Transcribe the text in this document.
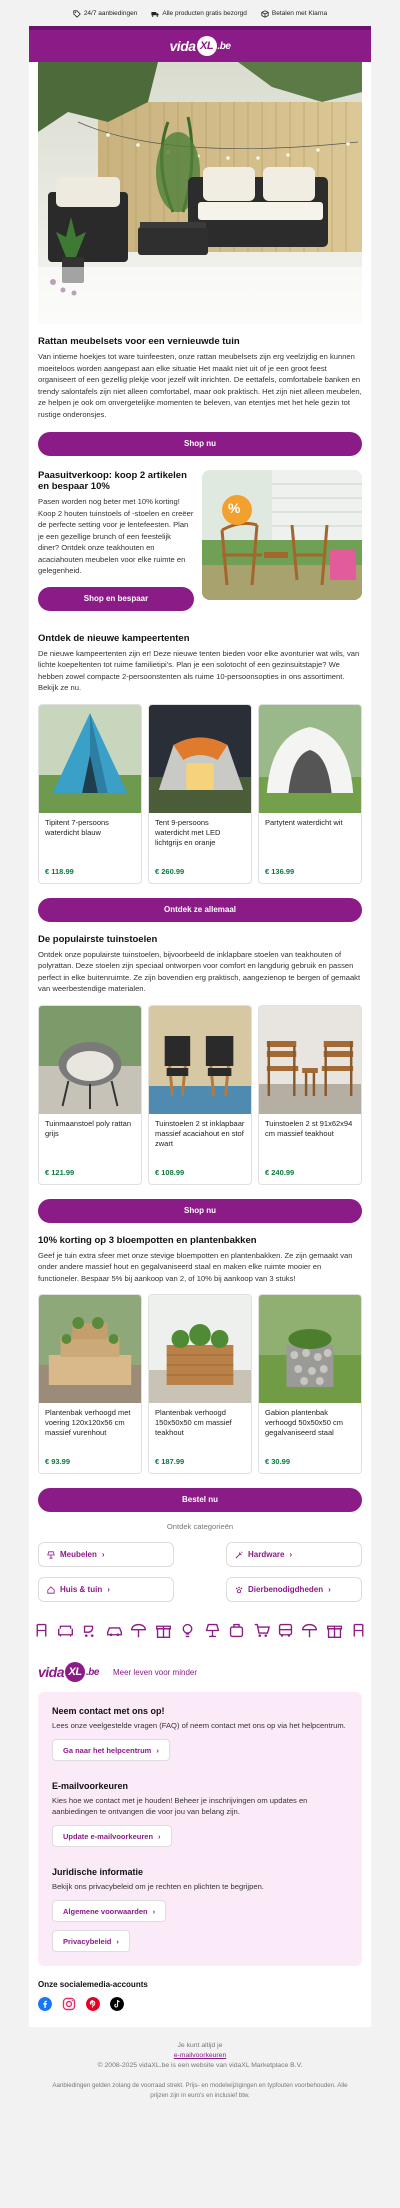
24/7 aanbiedingen	Alle producten gratis bezorgd	Betalen met Klarna
vida XL .be
Rattan meubelsets voor een vernieuwde tuin

Van intieme hoekjes tot ware tuinfeesten, onze rattan meubelsets zijn erg veelzijdig en kunnen moeiteloos worden aangepast aan elke situatie Het maakt niet uit of je een groot feest organiseert of een gezellig plekje voor jezelf wilt inrichten. De eettafels, comfortabele banken en trendy salontafels zijn niet alleen comfortabel, maar ook praktisch. Het zijn niet alleen meubelen, ze helpen je ook om onvergetelijke momenten te beleven, van etentjes met het hele gezin tot rustige onderonsjes.

Shop nu
Paasuitverkoop: koop 2 artikelen en bespaar 10%

Pasen worden nog beter met 10% korting! Koop 2 houten tuinstoels of -stoelen en creëer de perfecte setting voor je lentefeesten. Plan je een gezellige brunch of een feestelijk diner? Ontdek onze teakhouten en acaciahouten meubelen voor elke ruimte en gelegenheid.

Shop en bespaar
%
Ontdek de nieuwe kampeertenten

De nieuwe kampeertenten zijn er! Deze nieuwe tenten bieden voor elke avonturier wat wils, van lichte koepeltenten tot ruime familietipi's. Plan je een solotocht of een gezinsuitstapje? We hebben zowel compacte 2-persoonstenten als ruime 10-persoonsopties in ons assortiment. Bekijk ze nu.

Tipitent 7-persoons waterdicht blauw
€ 118.99
Tent 9-persoons waterdicht met LED lichtgrijs en oranje
€ 260.99
Partytent waterdicht wit
€ 136.99
Ontdek ze allemaal
De populairste tuinstoelen

Ontdek onze populairste tuinstoelen, bijvoorbeeld de inklapbare stoelen van teakhouten of polyrattan. Deze stoelen zijn speciaal ontworpen voor comfort en langdurig gebruik en passen perfect in elke buitenruimte. Ze zijn bovendien erg praktisch, aangezienop te bergen of gemaakt van weerbestendige materialen.

Tuinmaanstoel poly rattan grijs
€ 121.99
Tuinstoelen 2 st inklapbaar massief acaciahout en stof zwart
€ 108.99
Tuinstoelen 2 st 91x62x94 cm massief teakhout
€ 240.99
Shop nu
10% korting op 3 bloempotten en plantenbakken

Geef je tuin extra sfeer met onze stevige bloempotten en plantenbakken. Ze zijn gemaakt van onder andere massief hout en gegalvaniseerd staal en maken elke ruimte mooier en functioneler. Bespaar 5% bij aankoop van 2, of 10% bij aankoop van 3 stuks!

Plantenbak verhoogd met voering 120x120x56 cm massief vurenhout
€ 93.99
Plantenbak verhoogd 150x50x50 cm massief teakhout
€ 187.99
Gabion plantenbak verhoogd 50x50x50 cm gegalvaniseerd staal
€ 30.99
Bestel nu
Ontdek categorieën
Meubelen ›	Hardware ›
Huis & tuin ›	Dierbenodigdheden ›
vida XL .be Meer leven voor minder
Neem contact met ons op!

Lees onze veelgestelde vragen (FAQ) of neem contact met ons op via het helpcentrum.

Ga naar het helpcentrum ›
E-mailvoorkeuren

Kies hoe we contact met je houden! Beheer je inschrijvingen om updates en aanbiedingen te ontvangen die voor jou van belang zijn.

Update e-mailvoorkeuren ›
Juridische informatie

Bekijk ons privacybeleid om je rechten en plichten te begrijpen.

Algemene voorwaarden ›
Privacybeleid ›
Onze socialemedia-accounts
Je kunt altijd je
e-mailvoorkeuren
© 2008-2025 vidaXL.be is een website van vidaXL Marketplace B.V.
Aanbiedingen gelden zolang de voorraad strekt. Prijs- en modelwijzigingen en typfouten voorbehouden. Alle prijzen zijn in euro's en inclusief btw.
